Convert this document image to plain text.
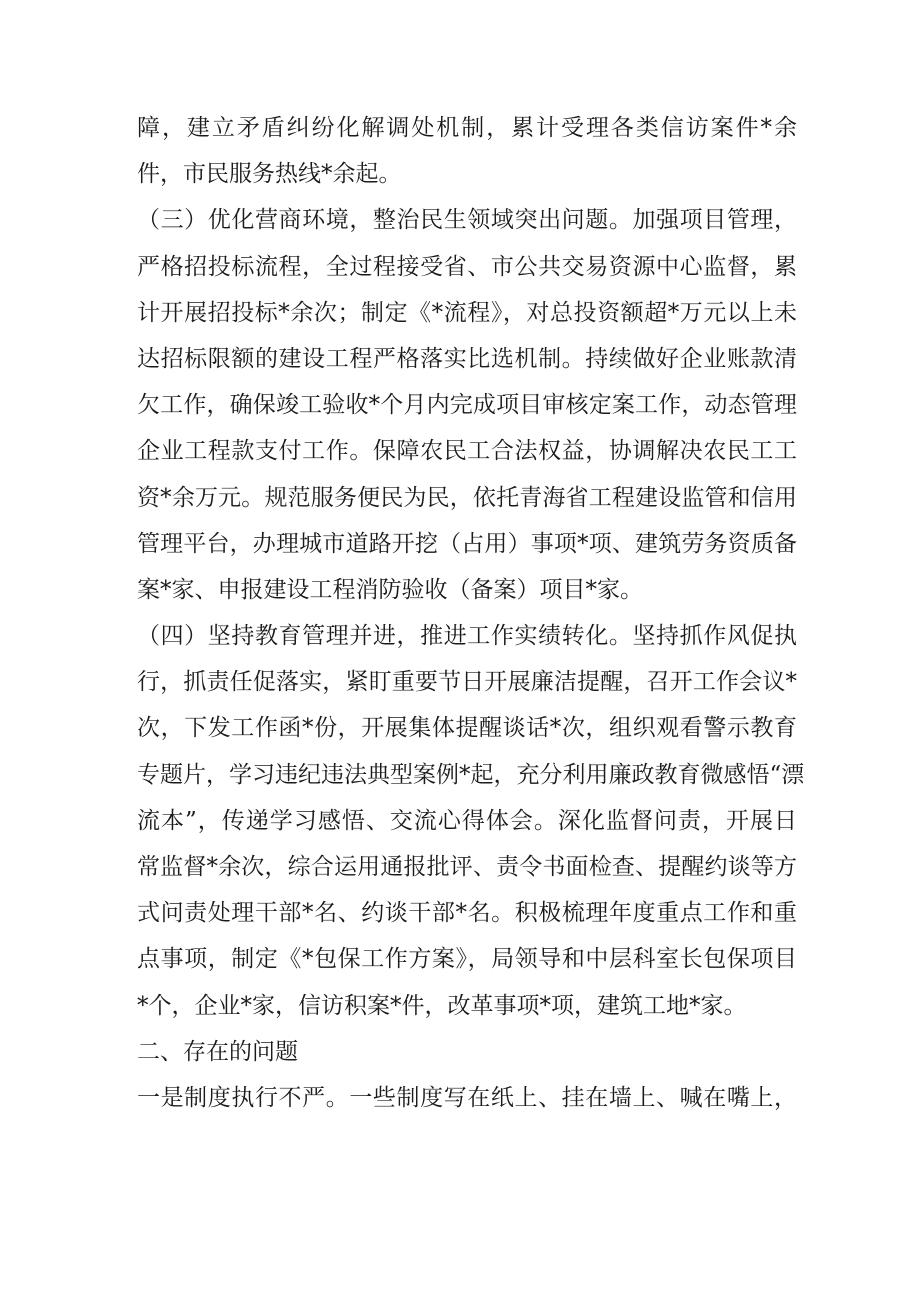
障，建立矛盾纠纷化解调处机制，累计受理各类信访案件*余
件，市民服务热线*余起。
（三）优化营商环境，整治民生领域突出问题。加强项目管理，
严格招投标流程，全过程接受省、市公共交易资源中心监督，累
计开展招投标*余次；制定《*流程》，对总投资额超*万元以上未
达招标限额的建设工程严格落实比选机制。持续做好企业账款清
欠工作，确保竣工验收*个月内完成项目审核定案工作，动态管理
企业工程款支付工作。保障农民工合法权益，协调解决农民工工
资*余万元。规范服务便民为民，依托青海省工程建设监管和信用
管理平台，办理城市道路开挖（占用）事项*项、建筑劳务资质备
案*家、申报建设工程消防验收（备案）项目*家。
（四）坚持教育管理并进，推进工作实绩转化。坚持抓作风促执
行，抓责任促落实，紧盯重要节日开展廉洁提醒，召开工作会议*
次，下发工作函*份，开展集体提醒谈话*次，组织观看警示教育
专题片，学习违纪违法典型案例*起，充分利用廉政教育微感悟“漂
流本”，传递学习感悟、交流心得体会。深化监督问责，开展日
常监督*余次，综合运用通报批评、责令书面检查、提醒约谈等方
式问责处理干部*名、约谈干部*名。积极梳理年度重点工作和重
点事项，制定《*包保工作方案》，局领导和中层科室长包保项目
*个，企业*家，信访积案*件，改革事项*项，建筑工地*家。
二、存在的问题
一是制度执行不严。一些制度写在纸上、挂在墙上、喊在嘴上，
